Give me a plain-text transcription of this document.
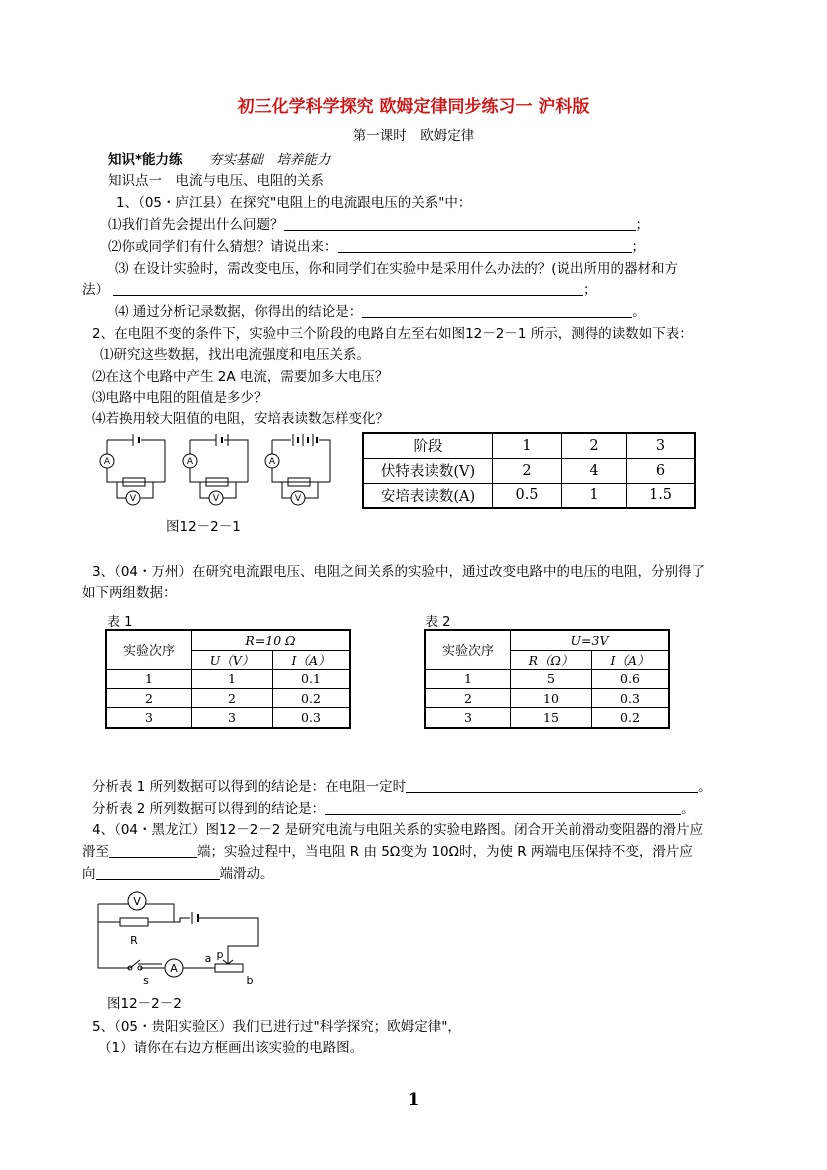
初三化学科学探究 欧姆定律同步练习一 沪科版
第一课时　欧姆定律
知识*能力练 夯实基础　培养能力
知识点一　电流与电压、电阻的关系
1、（05・庐江县）在探究"电阻上的电流跟电压的关系"中：
⑴我们首先会提出什么问题？	；
⑵你或同学们有什么猜想？请说出来：	；
⑶ 在设计实验时，需改变电压，你和同学们在实验中是采用什么办法的？(说出所用的器材和方
法）	；
⑷ 通过分析记录数据，你得出的结论是：	。
2、在电阻不变的条件下，实验中三个阶段的电路自左至右如图12－2－1 所示，测得的读数如下表：
⑴研究这些数据，找出电流强度和电压关系。
⑵在这个电路中产生 2A 电流，需要加多大电压？
⑶电路中电阻的阻值是多少？
⑷若换用较大阻值的电阻，安培表读数怎样变化？
A
V
A
V
A
V
图12－2－1
阶段	1	2	3
伏特表读数(V)	2	4	6
安培表读数(A)	0.5	1	1.5
3、（04・万州）在研究电流跟电压、电阻之间关系的实验中，通过改变电路中的电压的电阻，分别得了
如下两组数据：
表 1
实验次序	R=10 Ω	
	U（V）	I（A）
1	1	0.1
2	2	0.2
3	3	0.3
表 2
实验次序	U=3V	
	R（Ω）	I（A）
1	5	0.6
2	10	0.3
3	15	0.2
分析表 1 所列数据可以得到的结论是：在电阻一定时	。
分析表 2 所列数据可以得到的结论是：	。
4、（04・黑龙江）图12－2－2 是研究电流与电阻关系的实验电路图。闭合开关前滑动变阻器的滑片应
滑至	端；实验过程中，当电阻 R 由 5Ω变为 10Ω时，为使 R 两端电压保持不变，滑片应
向	端滑动。
V
A
R
s
a p
b
图12－2－2
5、（05・贵阳实验区）我们已进行过"科学探究；欧姆定律"，
（1）请你在右边方框画出该实验的电路图。
1
